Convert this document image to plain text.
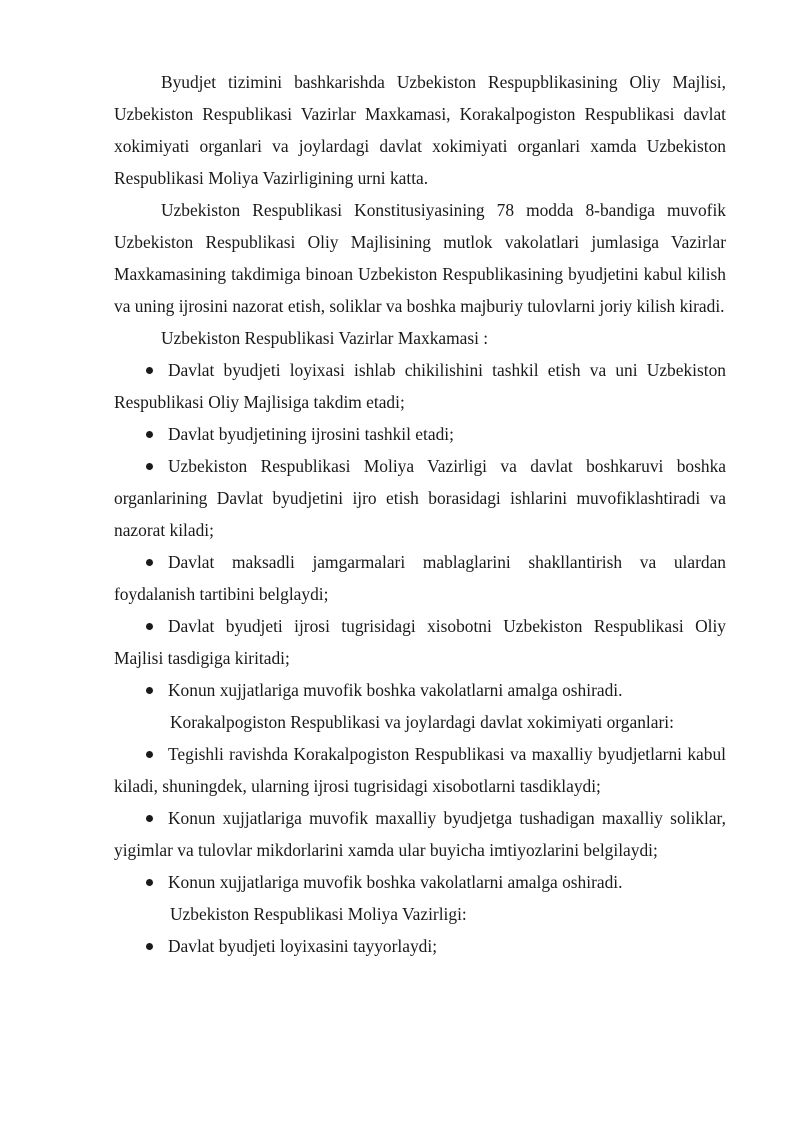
Byudjet tizimini bashkarishda Uzbekiston Respupblikasining Oliy Majlisi, Uzbekiston Respublikasi Vazirlar Maxkamasi, Korakalpogiston Respublikasi davlat xokimiyati organlari va joylardagi davlat xokimiyati organlari xamda Uzbekiston Respublikasi Moliya Vazirligining urni katta.

Uzbekiston Respublikasi Konstitusiyasining 78 modda 8-bandiga muvofik Uzbekiston Respublikasi Oliy Majlisining mutlok vakolatlari jumlasiga Vazirlar Maxkamasining takdimiga binoan Uzbekiston Respublikasining byudjetini kabul kilish va uning ijrosini nazorat etish, soliklar va boshka majburiy tulovlarni joriy kilish kiradi.

Uzbekiston Respublikasi Vazirlar Maxkamasi :

Davlat byudjeti loyixasi ishlab chikilishini tashkil etish va uni Uzbekiston Respublikasi Oliy Majlisiga takdim etadi;

Davlat byudjetining ijrosini tashkil etadi;

Uzbekiston Respublikasi Moliya Vazirligi va davlat boshkaruvi boshka organlarining Davlat byudjetini ijro etish borasidagi ishlarini muvofiklashtiradi va nazorat kiladi;

Davlat maksadli jamgarmalari mablaglarini shakllantirish va ulardan foydalanish tartibini belglaydi;

Davlat byudjeti ijrosi tugrisidagi xisobotni Uzbekiston Respublikasi Oliy Majlisi tasdigiga kiritadi;

Konun xujjatlariga muvofik boshka vakolatlarni amalga oshiradi.

Korakalpogiston Respublikasi va joylardagi davlat xokimiyati organlari:

Tegishli ravishda Korakalpogiston Respublikasi va maxalliy byudjetlarni kabul kiladi, shuningdek, ularning ijrosi tugrisidagi xisobotlarni tasdiklaydi;

Konun xujjatlariga muvofik maxalliy byudjetga tushadigan maxalliy soliklar, yigimlar va tulovlar mikdorlarini xamda ular buyicha imtiyozlarini belgilaydi;

Konun xujjatlariga muvofik boshka vakolatlarni amalga oshiradi.

Uzbekiston Respublikasi Moliya Vazirligi:

Davlat byudjeti loyixasini tayyorlaydi;
